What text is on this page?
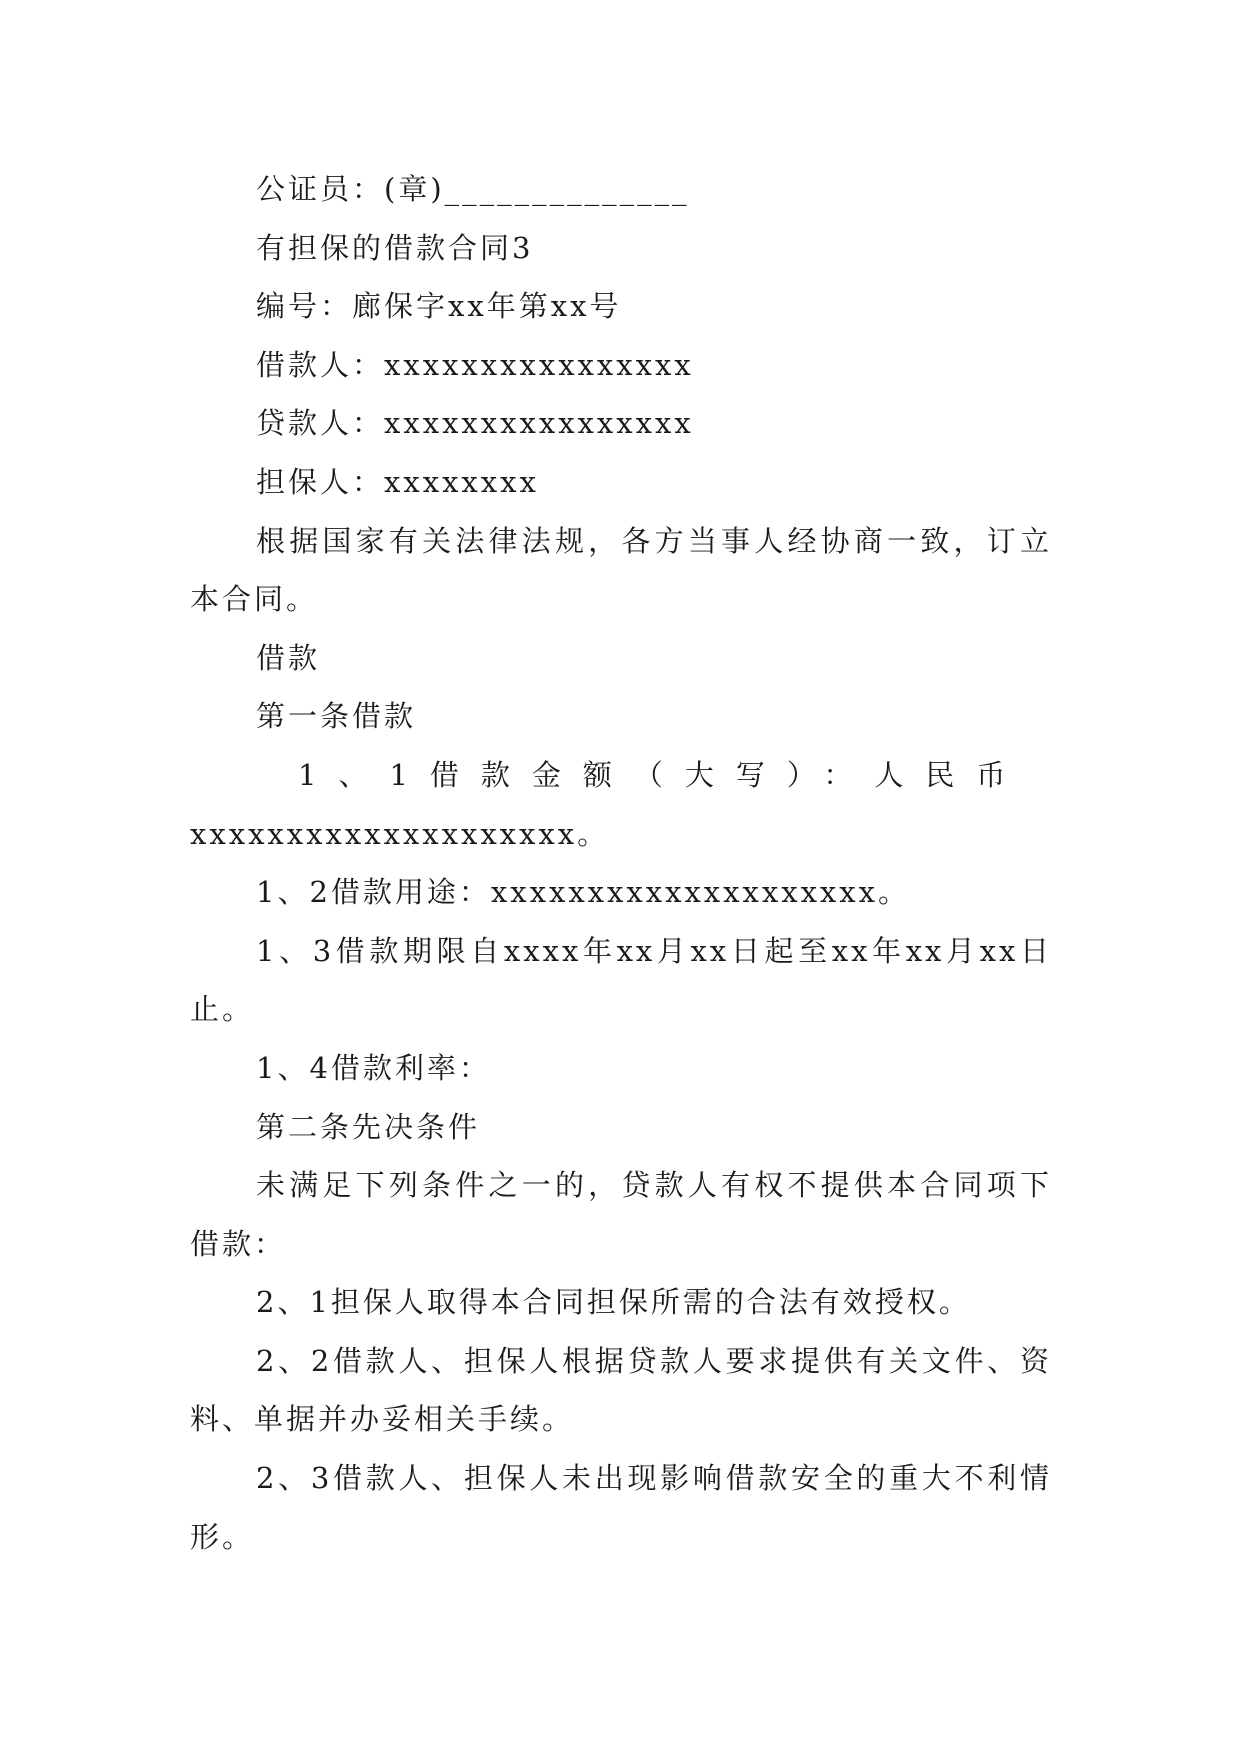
公证员：(章)______________

有担保的借款合同3

编号：廊保字xx年第xx号

借款人：xxxxxxxxxxxxxxxx

贷款人：xxxxxxxxxxxxxxxx

担保人：xxxxxxxx

根据国家有关法律法规，各方当事人经协商一致，订立本合同。

借款

第一条借款

1、1借款金额（大写）：人民币

xxxxxxxxxxxxxxxxxxxx。

1、2借款用途：xxxxxxxxxxxxxxxxxxxx。

1、3借款期限自xxxx年xx月xx日起至xx年xx月xx日止。

1、4借款利率：

第二条先决条件

未满足下列条件之一的，贷款人有权不提供本合同项下借款：

2、1担保人取得本合同担保所需的合法有效授权。

2、2借款人、担保人根据贷款人要求提供有关文件、资料、单据并办妥相关手续。

2、3借款人、担保人未出现影响借款安全的重大不利情形。
